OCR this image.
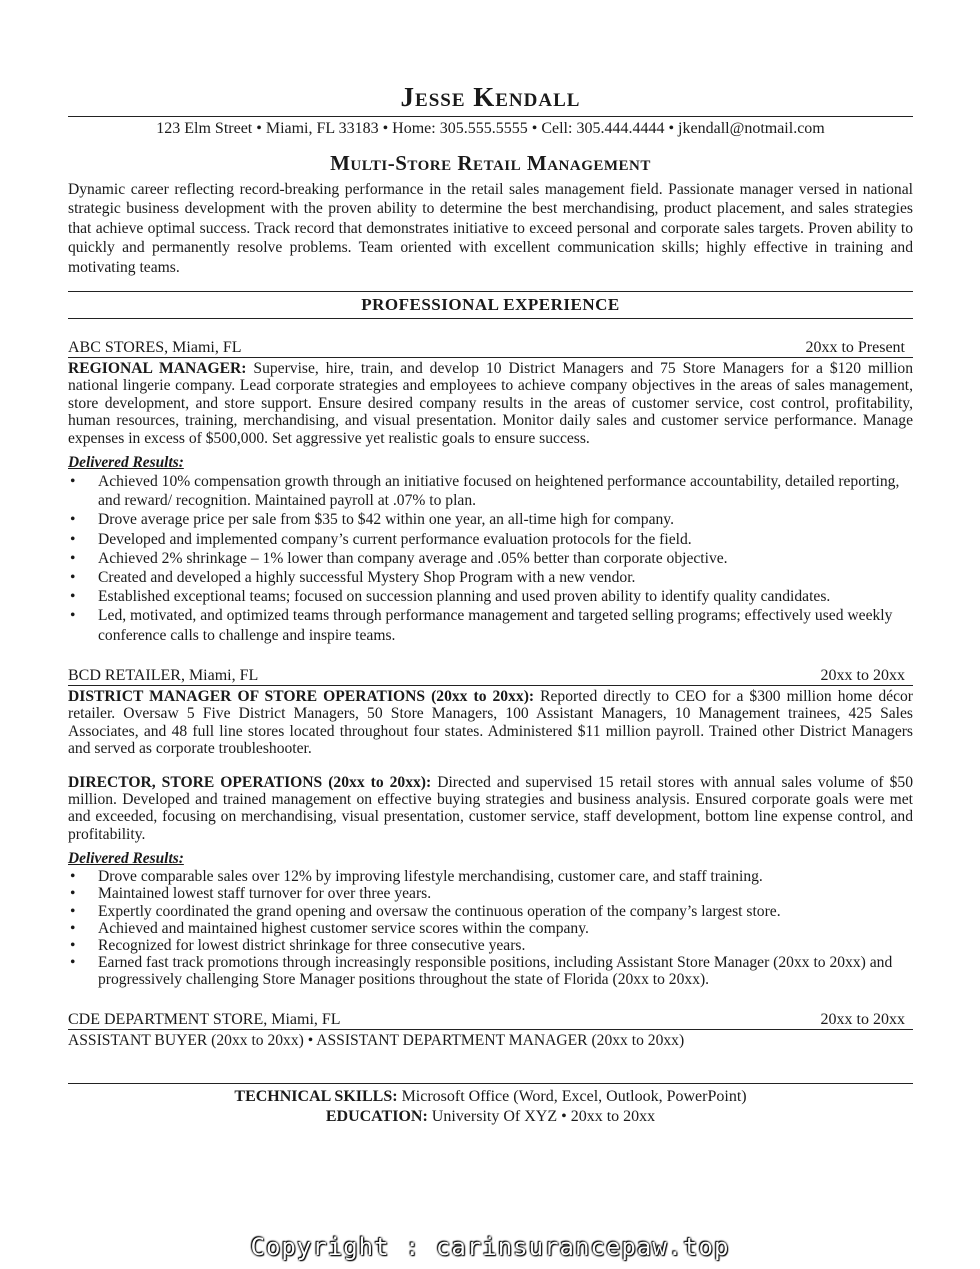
Jesse Kendall
123 Elm Street • Miami, FL 33183 • Home: 305.555.5555 • Cell: 305.444.4444 • jkendall@notmail.com
Multi-Store Retail Management
Dynamic career reflecting record-breaking performance in the retail sales management field. Passionate manager versed in national strategic business development with the proven ability to determine the best merchandising, product placement, and sales strategies that achieve optimal success. Track record that demonstrates initiative to exceed personal and corporate sales targets. Proven ability to quickly and permanently resolve problems. Team oriented with excellent communication skills; highly effective in training and motivating teams.
PROFESSIONAL EXPERIENCE
ABC STORES, Miami, FL	20xx to Present
REGIONAL MANAGER: Supervise, hire, train, and develop 10 District Managers and 75 Store Managers for a $120 million national lingerie company. Lead corporate strategies and employees to achieve company objectives in the areas of sales management, store development, and store support. Ensure desired company results in the areas of customer service, cost control, profitability, human resources, training, merchandising, and visual presentation. Monitor daily sales and customer service performance. Manage expenses in excess of $500,000. Set aggressive yet realistic goals to ensure success.
Delivered Results:
• Achieved 10% compensation growth through an initiative focused on heightened performance accountability, detailed reporting, and reward/ recognition. Maintained payroll at .07% to plan.
• Drove average price per sale from $35 to $42 within one year, an all-time high for company.
• Developed and implemented company’s current performance evaluation protocols for the field.
• Achieved 2% shrinkage – 1% lower than company average and .05% better than corporate objective.
• Created and developed a highly successful Mystery Shop Program with a new vendor.
• Established exceptional teams; focused on succession planning and used proven ability to identify quality candidates.
• Led, motivated, and optimized teams through performance management and targeted selling programs; effectively used weekly conference calls to challenge and inspire teams.
BCD RETAILER, Miami, FL	20xx to 20xx
DISTRICT MANAGER OF STORE OPERATIONS (20xx to 20xx): Reported directly to CEO for a $300 million home décor retailer. Oversaw 5 Five District Managers, 50 Store Managers, 100 Assistant Managers, 10 Management trainees, 425 Sales Associates, and 48 full line stores located throughout four states. Administered $11 million payroll. Trained other District Managers and served as corporate troubleshooter.
DIRECTOR, STORE OPERATIONS (20xx to 20xx): Directed and supervised 15 retail stores with annual sales volume of $50 million. Developed and trained management on effective buying strategies and business analysis. Ensured corporate goals were met and exceeded, focusing on merchandising, visual presentation, customer service, staff development, bottom line expense control, and profitability.
Delivered Results:
• Drove comparable sales over 12% by improving lifestyle merchandising, customer care, and staff training.
• Maintained lowest staff turnover for over three years.
• Expertly coordinated the grand opening and oversaw the continuous operation of the company’s largest store.
• Achieved and maintained highest customer service scores within the company.
• Recognized for lowest district shrinkage for three consecutive years.
• Earned fast track promotions through increasingly responsible positions, including Assistant Store Manager (20xx to 20xx) and progressively challenging Store Manager positions throughout the state of Florida (20xx to 20xx).
CDE DEPARTMENT STORE, Miami, FL	20xx to 20xx
ASSISTANT BUYER (20xx to 20xx) • ASSISTANT DEPARTMENT MANAGER (20xx to 20xx)
TECHNICAL SKILLS: Microsoft Office (Word, Excel, Outlook, PowerPoint)
EDUCATION: University Of XYZ • 20xx to 20xx
Copyright : carinsurancepaw.top
